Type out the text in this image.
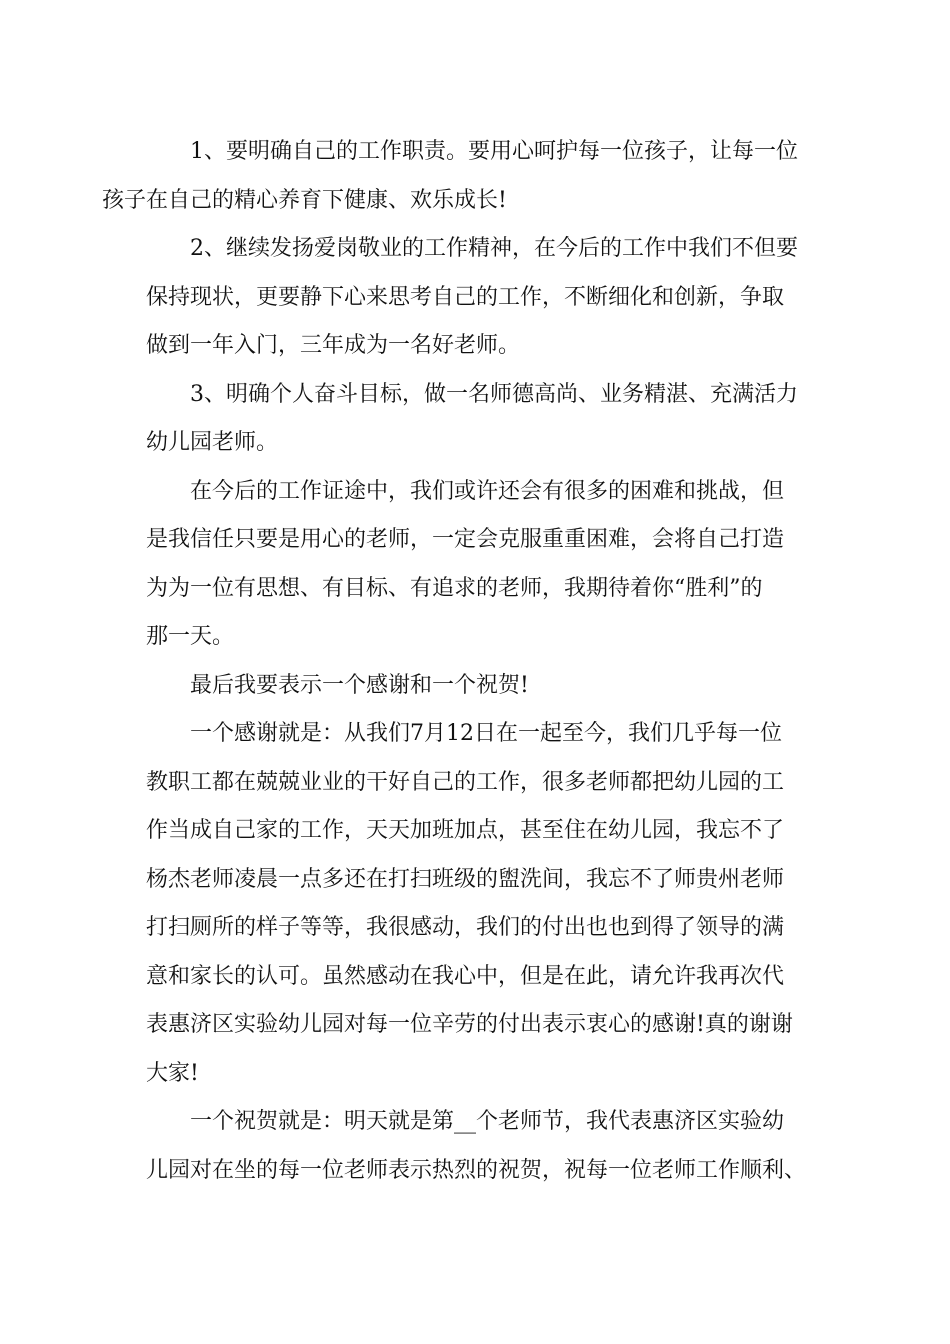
1、要明确自己的工作职责。要用心呵护每一位孩子，让每一位
孩子在自己的精心养育下健康、欢乐成长!

2、继续发扬爱岗敬业的工作精神，在今后的工作中我们不但要
保持现状，更要静下心来思考自己的工作，不断细化和创新，争取
做到一年入门，三年成为一名好老师。

3、明确个人奋斗目标，做一名师德高尚、业务精湛、充满活力
幼儿园老师。

在今后的工作证途中，我们或许还会有很多的困难和挑战，但
是我信任只要是用心的老师，一定会克服重重困难，会将自己打造
为为一位有思想、有目标、有追求的老师，我期待着你“胜利”的
那一天。

最后我要表示一个感谢和一个祝贺!

一个感谢就是：从我们7月12日在一起至今，我们几乎每一位
教职工都在兢兢业业的干好自己的工作，很多老师都把幼儿园的工
作当成自己家的工作，天天加班加点，甚至住在幼儿园，我忘不了
杨杰老师凌晨一点多还在打扫班级的盥洗间，我忘不了师贵州老师
打扫厕所的样子等等，我很感动，我们的付出也也到得了领导的满
意和家长的认可。虽然感动在我心中，但是在此，请允许我再次代
表惠济区实验幼儿园对每一位辛劳的付出表示衷心的感谢!真的谢谢
大家!

一个祝贺就是：明天就是第__个老师节，我代表惠济区实验幼
儿园对在坐的每一位老师表示热烈的祝贺，祝每一位老师工作顺利、
